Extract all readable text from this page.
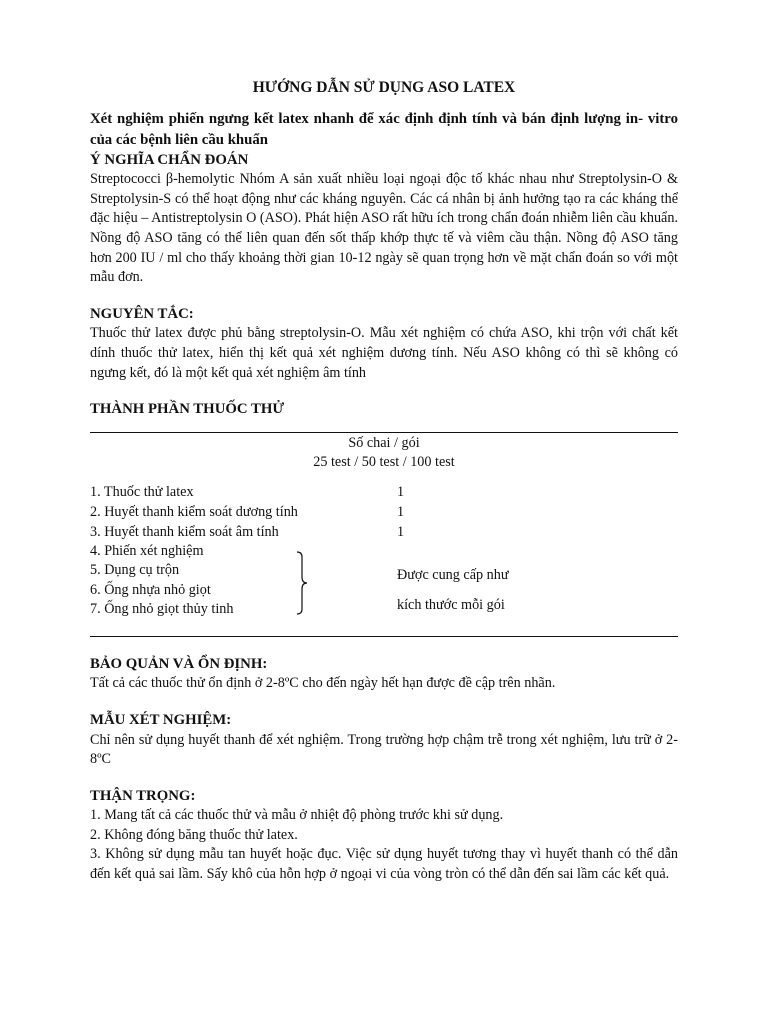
HƯỚNG DẪN SỬ DỤNG ASO LATEX

Xét nghiệm phiến ngưng kết latex nhanh để xác định định tính và bán định lượng in- vitro của các bệnh liên cầu khuẩn

Ý NGHĨA CHẨN ĐOÁN

Streptococci β-hemolytic Nhóm A sản xuất nhiều loại ngoại độc tố khác nhau như Streptolysin-O & Streptolysin-S có thể hoạt động như các kháng nguyên. Các cá nhân bị ảnh hưởng tạo ra các kháng thể đặc hiệu – Antistreptolysin O (ASO). Phát hiện ASO rất hữu ích trong chẩn đoán nhiễm liên cầu khuẩn. Nồng độ ASO tăng có thể liên quan đến sốt thấp khớp thực tế và viêm cầu thận. Nồng độ ASO tăng hơn 200 IU / ml cho thấy khoảng thời gian 10-12 ngày sẽ quan trọng hơn về mặt chẩn đoán so với một mẫu đơn.

NGUYÊN TẮC:

Thuốc thử latex được phủ bằng streptolysin-O. Mẫu xét nghiệm có chứa ASO, khi trộn với chất kết dính thuốc thử latex, hiển thị kết quả xét nghiệm dương tính. Nếu ASO không có thì sẽ không có ngưng kết, đó là một kết quả xét nghiệm âm tính

THÀNH PHẦN THUỐC THỬ

Số chai / gói
25 test / 50 test / 100 test
1. Thuốc thử latex	1
2. Huyết thanh kiểm soát dương tính	1
3. Huyết thanh kiểm soát âm tính	1
4. Phiến xét nghiệm
5. Dụng cụ trộn
6. Ống nhựa nhỏ giọt
7. Ống nhỏ giọt thủy tinh
Được cung cấp như
kích thước mỗi gói

BẢO QUẢN VÀ ỔN ĐỊNH:

Tất cả các thuốc thử ổn định ở 2-8ºC cho đến ngày hết hạn được đề cập trên nhãn.

MẪU XÉT NGHIỆM:

Chỉ nên sử dụng huyết thanh để xét nghiệm. Trong trường hợp chậm trễ trong xét nghiệm, lưu trữ ở 2-8ºC

THẬN TRỌNG:

1. Mang tất cả các thuốc thử và mẫu ở nhiệt độ phòng trước khi sử dụng.

2. Không đóng băng thuốc thử latex.

3. Không sử dụng mẫu tan huyết hoặc đục. Việc sử dụng huyết tương thay vì huyết thanh có thể dẫn đến kết quả sai lầm. Sấy khô của hỗn hợp ở ngoại vi của vòng tròn có thể dẫn đến sai lầm các kết quả.
